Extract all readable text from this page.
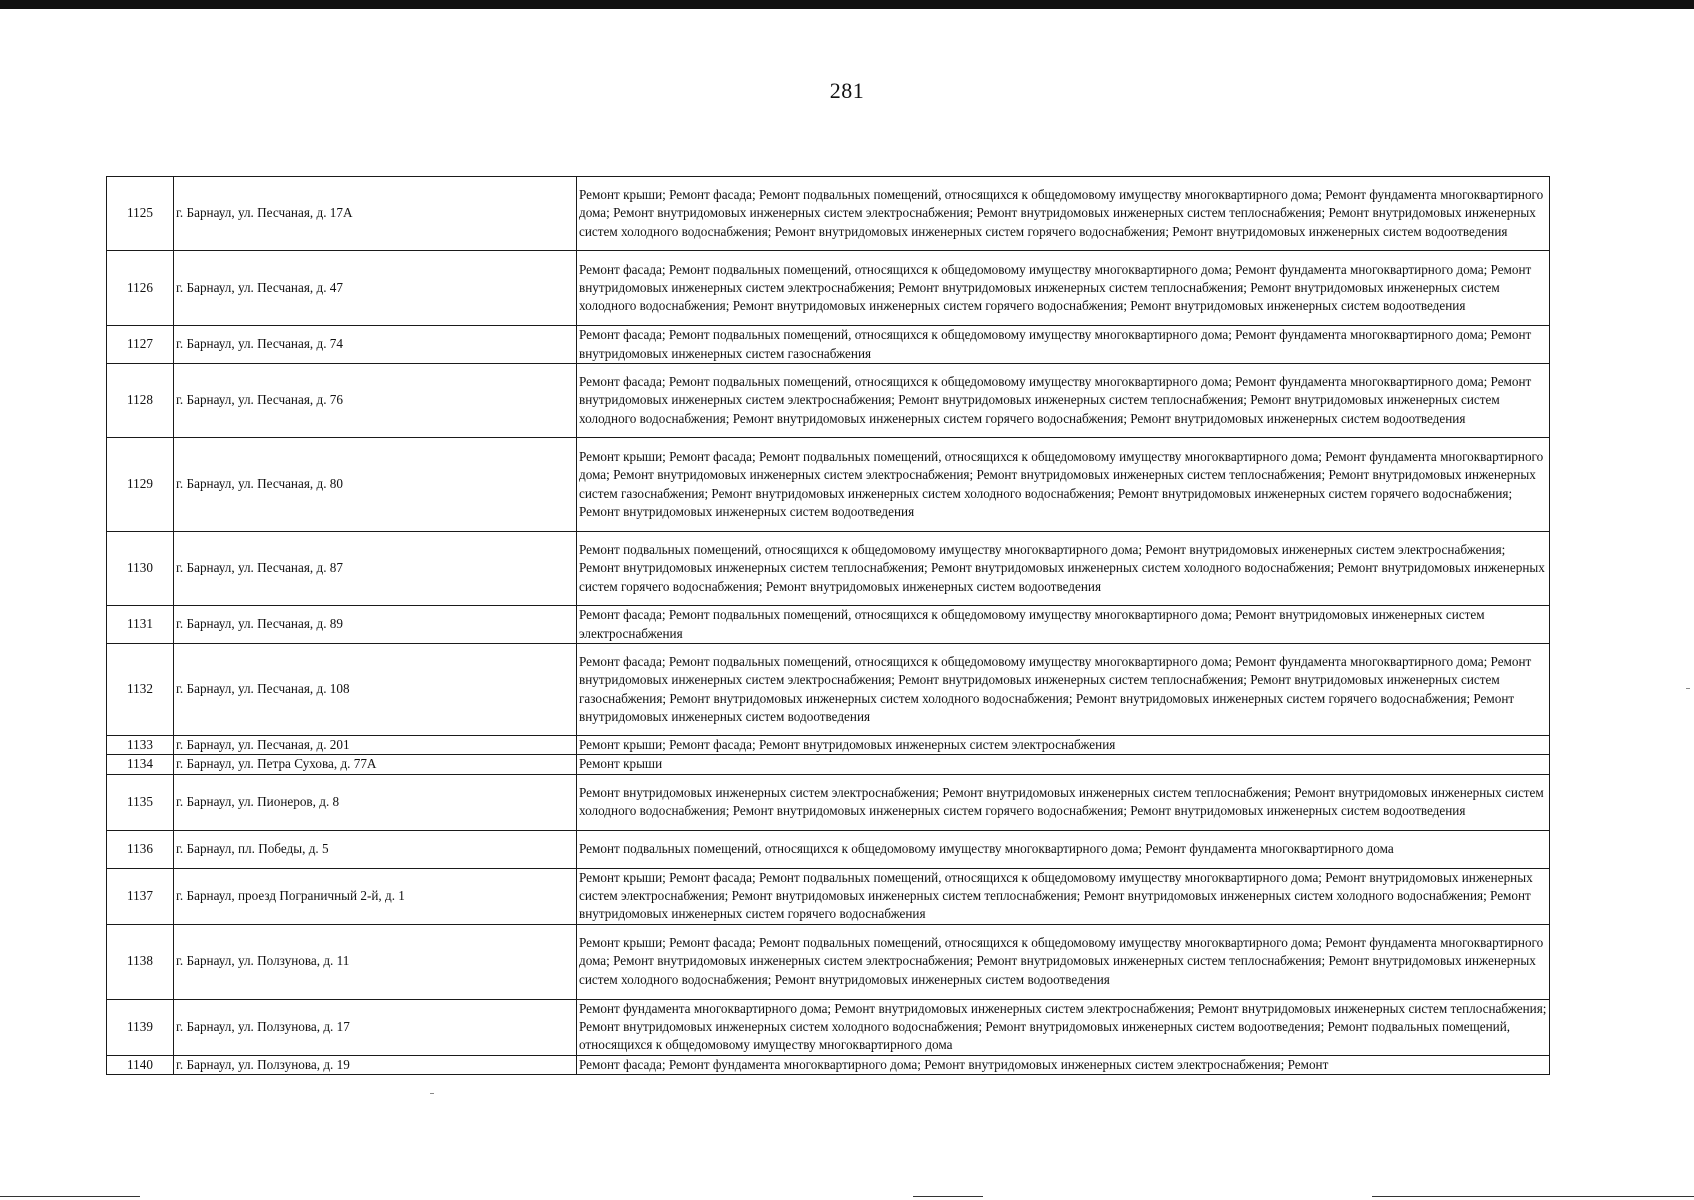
281
1125	г. Барнаул, ул. Песчаная, д. 17А	Ремонт крыши; Ремонт фасада; Ремонт подвальных помещений, относящихся к общедомовому имуществу многоквартирного дома; Ремонт фундамента многоквартирного дома; Ремонт внутридомовых инженерных систем электроснабжения; Ремонт внутридомовых инженерных систем теплоснабжения; Ремонт внутридомовых инженерных систем холодного водоснабжения; Ремонт внутридомовых инженерных систем горячего водоснабжения; Ремонт внутридомовых инженерных систем водоотведения
1126	г. Барнаул, ул. Песчаная, д. 47	Ремонт фасада; Ремонт подвальных помещений, относящихся к общедомовому имуществу многоквартирного дома; Ремонт фундамента многоквартирного дома; Ремонт внутридомовых инженерных систем электроснабжения; Ремонт внутридомовых инженерных систем теплоснабжения; Ремонт внутридомовых инженерных систем холодного водоснабжения; Ремонт внутридомовых инженерных систем горячего водоснабжения; Ремонт внутридомовых инженерных систем водоотведения
1127	г. Барнаул, ул. Песчаная, д. 74	Ремонт фасада; Ремонт подвальных помещений, относящихся к общедомовому имуществу многоквартирного дома; Ремонт фундамента многоквартирного дома; Ремонт внутридомовых инженерных систем газоснабжения
1128	г. Барнаул, ул. Песчаная, д. 76	Ремонт фасада; Ремонт подвальных помещений, относящихся к общедомовому имуществу многоквартирного дома; Ремонт фундамента многоквартирного дома; Ремонт внутридомовых инженерных систем электроснабжения; Ремонт внутридомовых инженерных систем теплоснабжения; Ремонт внутридомовых инженерных систем холодного водоснабжения; Ремонт внутридомовых инженерных систем горячего водоснабжения; Ремонт внутридомовых инженерных систем водоотведения
1129	г. Барнаул, ул. Песчаная, д. 80	Ремонт крыши; Ремонт фасада; Ремонт подвальных помещений, относящихся к общедомовому имуществу многоквартирного дома; Ремонт фундамента многоквартирного дома; Ремонт внутридомовых инженерных систем электроснабжения; Ремонт внутридомовых инженерных систем теплоснабжения; Ремонт внутридомовых инженерных систем газоснабжения; Ремонт внутридомовых инженерных систем холодного водоснабжения; Ремонт внутридомовых инженерных систем горячего водоснабжения; Ремонт внутридомовых инженерных систем водоотведения
1130	г. Барнаул, ул. Песчаная, д. 87	Ремонт подвальных помещений, относящихся к общедомовому имуществу многоквартирного дома; Ремонт внутридомовых инженерных систем электроснабжения; Ремонт внутридомовых инженерных систем теплоснабжения; Ремонт внутридомовых инженерных систем холодного водоснабжения; Ремонт внутридомовых инженерных систем горячего водоснабжения; Ремонт внутридомовых инженерных систем водоотведения
1131	г. Барнаул, ул. Песчаная, д. 89	Ремонт фасада; Ремонт подвальных помещений, относящихся к общедомовому имуществу многоквартирного дома; Ремонт внутридомовых инженерных систем электроснабжения
1132	г. Барнаул, ул. Песчаная, д. 108	Ремонт фасада; Ремонт подвальных помещений, относящихся к общедомовому имуществу многоквартирного дома; Ремонт фундамента многоквартирного дома; Ремонт внутридомовых инженерных систем электроснабжения; Ремонт внутридомовых инженерных систем теплоснабжения; Ремонт внутридомовых инженерных систем газоснабжения; Ремонт внутридомовых инженерных систем холодного водоснабжения; Ремонт внутридомовых инженерных систем горячего водоснабжения; Ремонт внутридомовых инженерных систем водоотведения
1133	г. Барнаул, ул. Песчаная, д. 201	Ремонт крыши; Ремонт фасада; Ремонт внутридомовых инженерных систем электроснабжения
1134	г. Барнаул, ул. Петра Сухова, д. 77А	Ремонт крыши
1135	г. Барнаул, ул. Пионеров, д. 8	Ремонт внутридомовых инженерных систем электроснабжения; Ремонт внутридомовых инженерных систем теплоснабжения; Ремонт внутридомовых инженерных систем холодного водоснабжения; Ремонт внутридомовых инженерных систем горячего водоснабжения; Ремонт внутридомовых инженерных систем водоотведения
1136	г. Барнаул, пл. Победы, д. 5	Ремонт подвальных помещений, относящихся к общедомовому имуществу многоквартирного дома; Ремонт фундамента многоквартирного дома
1137	г. Барнаул, проезд Пограничный 2-й, д. 1	Ремонт крыши; Ремонт фасада; Ремонт подвальных помещений, относящихся к общедомовому имуществу многоквартирного дома; Ремонт внутридомовых инженерных систем электроснабжения; Ремонт внутридомовых инженерных систем теплоснабжения; Ремонт внутридомовых инженерных систем холодного водоснабжения; Ремонт внутридомовых инженерных систем горячего водоснабжения
1138	г. Барнаул, ул. Ползунова, д. 11	Ремонт крыши; Ремонт фасада; Ремонт подвальных помещений, относящихся к общедомовому имуществу многоквартирного дома; Ремонт фундамента многоквартирного дома; Ремонт внутридомовых инженерных систем электроснабжения; Ремонт внутридомовых инженерных систем теплоснабжения; Ремонт внутридомовых инженерных систем холодного водоснабжения; Ремонт внутридомовых инженерных систем водоотведения
1139	г. Барнаул, ул. Ползунова, д. 17	Ремонт фундамента многоквартирного дома; Ремонт внутридомовых инженерных систем электроснабжения; Ремонт внутридомовых инженерных систем теплоснабжения; Ремонт внутридомовых инженерных систем холодного водоснабжения; Ремонт внутридомовых инженерных систем водоотведения; Ремонт подвальных помещений, относящихся к общедомовому имуществу многоквартирного дома
1140	г. Барнаул, ул. Ползунова, д. 19	Ремонт фасада; Ремонт фундамента многоквартирного дома; Ремонт внутридомовых инженерных систем электроснабжения; Ремонт
